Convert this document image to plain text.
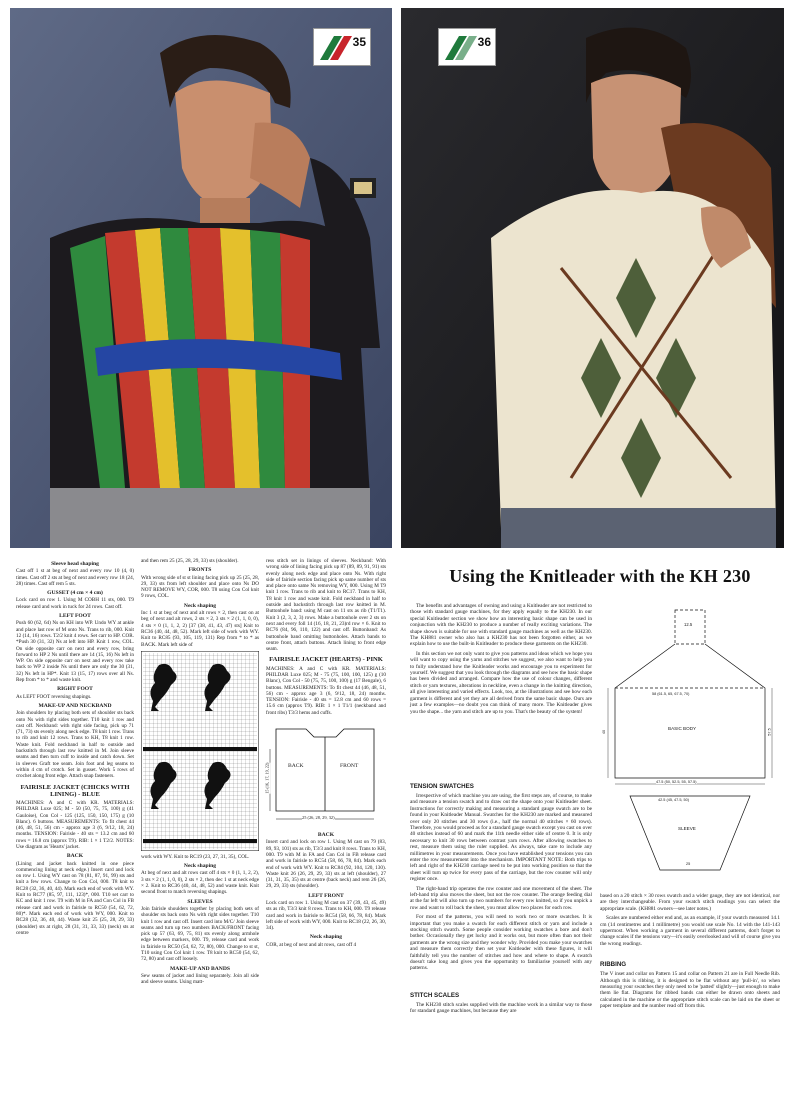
35	36
Sleeve head shaping

Cast off 1 st at beg of next and every row 10 (4, 0) times. Cast off 2 sts at beg of next and every row 18 (24, 28) times. Cast off rem 5 sts.

GUSSET (4 cm × 4 cm)

Lock card on row 1. Using M COBH 11 sts, 000. T9 release card and work in tuck for 24 rows. Cast off.

LEFT FOOT

Push 60 (62, 64) Ns on KH into WP. Undo WY at ankle and place last row of M onto Ns. Trans to rib, 000. Knit 12 (14, 16) rows. T2/2 knit 4 rows. Set carr to HP. COR. *Push 30 (31, 32) Ns at left into HP. Knit 1 row, COL. On side opposite carr on next and every row, bring forward to HP 2 Ns until there are 14 (15, 16) Ns left in WP. On side opposite carr on next and every row take back to WP 2 inside Ns until there are only the 30 (31, 32) Ns left in HP*. Knit 13 (15, 17) rows over all Ns. Rep from * to * and waste knit.

RIGHT FOOT

As LEFT FOOT reversing shapings.

MAKE-UP AND NECKBAND

Join shoulders by placing both sets of shoulder sts back onto Ns with right sides together. T10 knit 1 row and cast off. Neckband: with right side facing, pick up 71 (71, 73) sts evenly along neck edge. T8 knit 1 row. Trans to rib and knit 12 rows. Trans to KH, T8 knit 1 row. Waste knit. Fold neckband in half to outside and backstitch through last row knitted in M. Join sleeve seams and then turn cuff to inside and catch down. Set in sleeves Graft toe seam. Join foot and leg seams to within 4 cm of crotch. Set in gusset. Work 5 rows of crochet along front edge. Attach snap fasteners.

FAIRISLE JACKET (CHICKS WITH LINING) - BLUE

MACHINES: A and C with KR. MATERIALS: PHILDAR Luxe 025; M - 50 (50, 75, 75, 100) g (41 Gauloise), Con Col - 125 (125, 150, 150, 175) g (10 Blanc). 6 buttons. MEASUREMENTS: To fit chest 44 (46, 48, 51, 56) cm - approx age 3 (6, 9/12, 18, 24) months. TENSION: Fairisle - 40 sts = 13.2 cm and 60 rows = 16.8 cm (approx T9). RIB: 1 × 1 T2/2. NOTES: Use diagram as 'Hearts' jacket.

BACK

(Lining and jacket back knitted in one piece commencing lining at neck edge.) Insert card and lock on row 1. Using WY cast on 78 (81, 87, 91, 99) sts and knit a few rows. Change to Con Col, 000. T8 knit to RC28 (32, 36, 40, 44). Mark each end of work with WY. Knit to RC77 (85, 97, 111, 123)*, 000. T10 set carr to KC and knit 1 row. T9 with M in FA and Con Col in FB release card and work in fairisle to RC50 (54, 62, 72, 80)*. Mark each end of work with WY, 000. Knit to RC28 (32, 36, 40, 44). Waste knit 25 (25, 28, 29, 33) (shoulder) sts at right, 28 (31, 31, 33, 33) (neck) sts at centre

and then rem 25 (25, 28, 29, 33) sts (shoulder).

FRONTS

With wrong side of st st lining facing pick up 25 (25, 28, 29, 33) sts from left shoulder and place onto Ns DO NOT REMOVE WY, COR, 000. T8 using Con Col knit 9 rows, COL.

Neck shaping

Inc 1 st at beg of next and alt rows × 2, then cast on at beg of next and alt rows, 2 sts × 2, 3 sts × 2 (1, 1, 0, 0), 4 sts × 0 (1, 1, 2, 2) [37 (38, 41, 43, 47) sts] Knit to RC36 (40, 44, 48, 52). Mark left side of work with WY. Knit to RC85 (93, 105, 119, 131) Rep from * to * as BACK. Mark left side of

work with WY. Knit to RC19 (23, 27, 31, 35), COL.

Neck shaping

At beg of next and alt rows cast off 4 sts × 0 (1, 1, 2, 2), 3 sts × 2 (1, 1, 0, 0), 2 sts × 2, then dec 1 st at neck edge × 2. Knit to RC36 (40, 44, 48, 52) and waste knit. Knit second front to match reversing shapings.

SLEEVES

Join fairisle shoulders together by placing both sets of shoulder sts back onto Ns with right sides together. T10 knit 1 row and cast off. Insert card into M/C/ Join sleeve seams and turn up two numbers BACK/FRONT facing pick up 57 (63, 69, 75, 81) sts evenly along armhole edge between markers, 000. T9, release card and work in fairisle to RC50 (54, 62, 72, 80), 000. Change to st st, T10 using Con Col knit 1 row. T8 knit to RC50 (54, 62, 72, 80) and cast off loosely.

MAKE-UP AND BANDS

Sew seams of jacket and lining separately. Join all side and sleeve seams. Using matt-

ress stitch set in linings of sleeves. Neckband: With wrong side of lining facing pick up 87 (89, 89, 91, 91) sts evenly along neck edge and place onto Ns. With right side of fairisle section facing pick up same number of sts and place onto same Ns removing WY, 000. Using M T9 knit 1 row. Trans to rib and knit to RC17. Trans to KH, T8 knit 1 row and waste knit. Fold neckband in half to outside and backstitch through last row knitted in M. Buttonhole band: using M cast on 11 sts as rib (T1/T1). Knit 3 (2, 3, 2, 3) rows. Make a buttonhole over 2 sts on next and every foll 14 (16, 18, 21, 23)rd row × 6. Knit to RC76 (84, 96, 110, 122) and cast off. Buttonband: As buttonhole band omitting buttonholes. Attach bands to centre front, attach buttons. Attach lining to front edge seam.

FAIRISLE JACKET (HEARTS) - PINK

MACHINES: A and C with KR. MATERIALS: PHILDAR Luxe 025; M - 75 (75, 100, 100, 125) g (10 Blanc), Con Col - 50 (75, 75, 100, 100) g (17 Bengale), 6 buttons. MEASUREMENTS: To fit chest 44 (46, 48, 51, 56) cm - approx age 3 (6, 9/12, 18, 24) months. TENSION: Fairisle - 40 sts = 12.8 cm and 60 rows = 15.6 cm (approx T9). RIB: 1 × 1 T1/1 (neckband and front ribs) T3/3 hems and cuffs.

BACK	FRONT
25 (26, 28, 29, 32)
15 (16, 17, 19, 22)
BACK

Insert card and lock on row 1. Using M cast on 79 (83, 89, 93, 101) sts as rib, T3/3 and knit 8 rows. Trans to KH, 000. T9 with M in FA and Con Col in FB release card and work in fairisle to RC54 (58, 66, 78, 84). Mark each end of work with WY. Knit to RC84 (92, 104, 120, 130). Waste knit 26 (26, 29, 29, 33) sts at left (shoulder), 27 (31, 31, 35, 35) sts at centre (back neck) and rem 26 (26, 29, 29, 33) sts (shoulder).

LEFT FRONT

Lock card on row 1. Using M cast on 37 (39, 43, 45, 49) sts as rib, T3/3 knit 8 rows. Trans to KH, 000. T9 release card and work in fairisle to RC54 (58, 66, 78, 84). Mark left side of work with WY, 000. Knit to RC18 (22, 26, 30, 34).

Neck shaping

COR, at beg of next and alt rows, cast off 4

Using the Knitleader with the KH 230

The benefits and advantages of owning and using a Knitleader are not restricted to those with standard gauge machines, for they apply equally to the KH230. In our special Knitleader section we show how an interesting basic shape can be used in conjunction with the KH230 to produce a number of really exciting variations. The shape shown is suitable for use with standard gauge machines as well as the KH230. The KH881 owner who also has a KH230 has not been forgotten either, as we explain how to use the built-in Knitleader to produce these garments on the KH230.

In this section we not only want to give you patterns and ideas which we hope you will want to copy using the yarns and stitches we suggest, we also want to help you to fully understand how the Knitleader works and encourage you to experiment for yourself. We suggest that you look through the diagrams and see how the basic shape has been divided and arranged. Compare how the use of colour changes, different stitch or yarn textures, alterations in neckline, even a change in the knitting direction, all give interesting and varied effects. Look, too, at the illustrations and see how each garment is different and yet they are all derived from the same basic shape. Ours are just a few examples—no doubt you can think of many more. The Knitleader gives you the shape... the yarn and stitch are up to you. That's the beauty of the system!

TENSION SWATCHES

Irrespective of which machine you are using, the first steps are, of course, to make and measure a tension swatch and to draw out the shape onto your Knitleader sheet. Instructions for correctly making and measuring a standard gauge swatch are to be found in your Knitleader Manual. Swatches for the KH230 are marked and measured over only 20 stitches and 30 rows (i.e., half the normal 40 stitches × 60 rows). Therefore, you would proceed as for a standard gauge swatch except you cast on over 40 stitches instead of 60 and mark the 11th needle either side of centre 0. It is only necessary to knit 30 rows between contrast yarn rows. After allowing swatches to rest, measure them using the ruler supplied. As always, take care to include any millimetres in your measurements. Once you have established your tensions you can enter the row measurement into the mechanism. IMPORTANT NOTE: Both trips to left and right of the KH230 carriage need to be put into working position so that the sheet will turn up twice for every pass of the carriage, but the row counter will only register once.

The right-hand trip operates the row counter and one movement of the sheet. The left-hand trip also moves the sheet, but not the row counter. The orange feeding dial at the far left will also turn up two numbers for every row knitted, so if you unpick a row and want to roll back the sheet, you must allow two places for each row.

For most of the patterns, you will need to work two or more swatches. It is important that you make a swatch for each different stitch or yarn and include a stocking stitch swatch. Some people consider working swatches a bore and don't bother. Occasionally they get lucky and it works out, but more often than not their garments are the wrong size and they wonder why. Provided you make your swatches and measure them correctly then set your Knitleader with these figures, it will faithfully tell you the number of stitches and how and where to shape. A swatch doesn't take long and gives you the opportunity to familiarise yourself with any patterns.

STITCH SCALES

The KH230 stitch scales supplied with the machine work in a similar way to those for standard gauge machines, but because they are

BASIC BODY
SLEEVE
12.5
47.5 (50, 52.5, 55, 57.5)
58 (61.5, 65, 67.5, 70)
57.5
40
42.5 (45, 47.5, 50)
25

based on a 20 stitch × 30 rows swatch and a wider gauge, they are not identical, nor are they interchangeable. From your swatch stitch readings you can select the appropriate scale. (KH881 owners—see later notes.)

Scales are numbered either end and, as an example, if your swatch measured 14.1 cm (14 centimetres and 1 millimetre) you would use scale No. 14 with the 141-143 uppermost. When working a garment in several different patterns, don't forget to change scales if the tensions vary—it's easily overlooked and will of course give you the wrong readings.

RIBBING

The V inset and collar on Pattern 15 and collar on Pattern 21 are in Full Needle Rib. Although this is ribbing, it is designed to be flat without any 'pull-in', so when measuring your swatches they only need to be 'patted' slightly—just enough to make them lie flat. Diagrams for ribbed bands can either be drawn onto sheets and calculated in the machine or the appropriate stitch scale can be laid on the sheet or paper template and the number read off from this.
